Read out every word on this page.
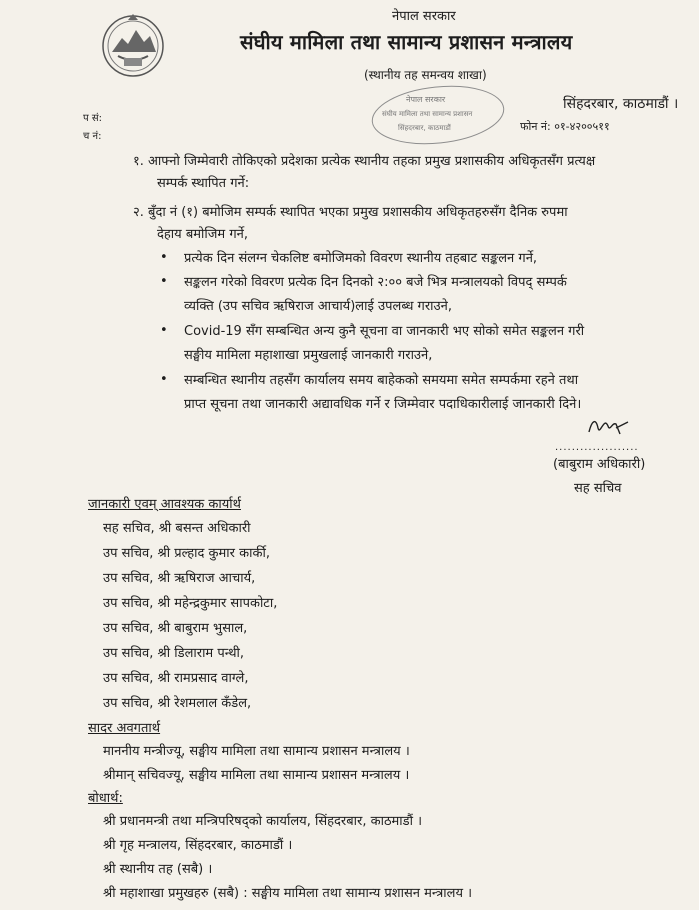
नेपाल सरकार
संघीय मामिला तथा सामान्य प्रशासन मन्त्रालय
(स्थानीय तह समन्वय शाखा)
नेपाल सरकार
संघीय मामिला तथा सामान्य प्रशासन
सिंहदरबार, काठमाडौं
सिंहदरबार, काठमाडौं ।
फोन नं: ०१-४२००५११
प सं:
च नं:
१. आफ्नो जिम्मेवारी तोकिएको प्रदेशका प्रत्येक स्थानीय तहका प्रमुख प्रशासकीय अधिकृतसँग प्रत्यक्ष
सम्पर्क स्थापित गर्ने:
२. बुँदा नं (१) बमोजिम सम्पर्क स्थापित भएका प्रमुख प्रशासकीय अधिकृतहरुसँग दैनिक रुपमा
देहाय बमोजिम गर्ने,
• प्रत्येक दिन संलग्न चेकलिष्ट बमोजिमको विवरण स्थानीय तहबाट सङ्कलन गर्ने,
• सङ्कलन गरेको विवरण प्रत्येक दिन दिनको २:०० बजे भित्र मन्त्रालयको विपद् सम्पर्क
व्यक्ति (उप सचिव ऋषिराज आचार्य)लाई उपलब्ध गराउने,
• Covid-19 सँग सम्बन्धित अन्य कुनै सूचना वा जानकारी भए सोको समेत सङ्कलन गरी
सङ्घीय मामिला महाशाखा प्रमुखलाई जानकारी गराउने,
• सम्बन्धित स्थानीय तहसँग कार्यालय समय बाहेकको समयमा समेत सम्पर्कमा रहने तथा
प्राप्त सूचना तथा जानकारी अद्यावधिक गर्ने र जिम्मेवार पदाधिकारीलाई जानकारी दिने।
....................
(बाबुराम अधिकारी)
सह सचिव
जानकारी एवम् आवश्यक कार्यार्थ
सह सचिव, श्री बसन्त अधिकारी
उप सचिव, श्री प्रल्हाद कुमार कार्की,
उप सचिव, श्री ऋषिराज आचार्य,
उप सचिव, श्री महेन्द्रकुमार सापकोटा,
उप सचिव, श्री बाबुराम भुसाल,
उप सचिव, श्री डिलाराम पन्थी,
उप सचिव, श्री रामप्रसाद वाग्ले,
उप सचिव, श्री रेशमलाल कँडेल,
सादर अवगतार्थ
माननीय मन्त्रीज्यू, सङ्घीय मामिला तथा सामान्य प्रशासन मन्त्रालय ।
श्रीमान् सचिवज्यू, सङ्घीय मामिला तथा सामान्य प्रशासन मन्त्रालय ।
बोधार्थ:
श्री प्रधानमन्त्री तथा मन्त्रिपरिषद्को कार्यालय, सिंहदरबार, काठमाडौं ।
श्री गृह मन्त्रालय, सिंहदरबार, काठमाडौं ।
श्री स्थानीय तह (सबै) ।
श्री महाशाखा प्रमुखहरु (सबै) : सङ्घीय मामिला तथा सामान्य प्रशासन मन्त्रालय ।
